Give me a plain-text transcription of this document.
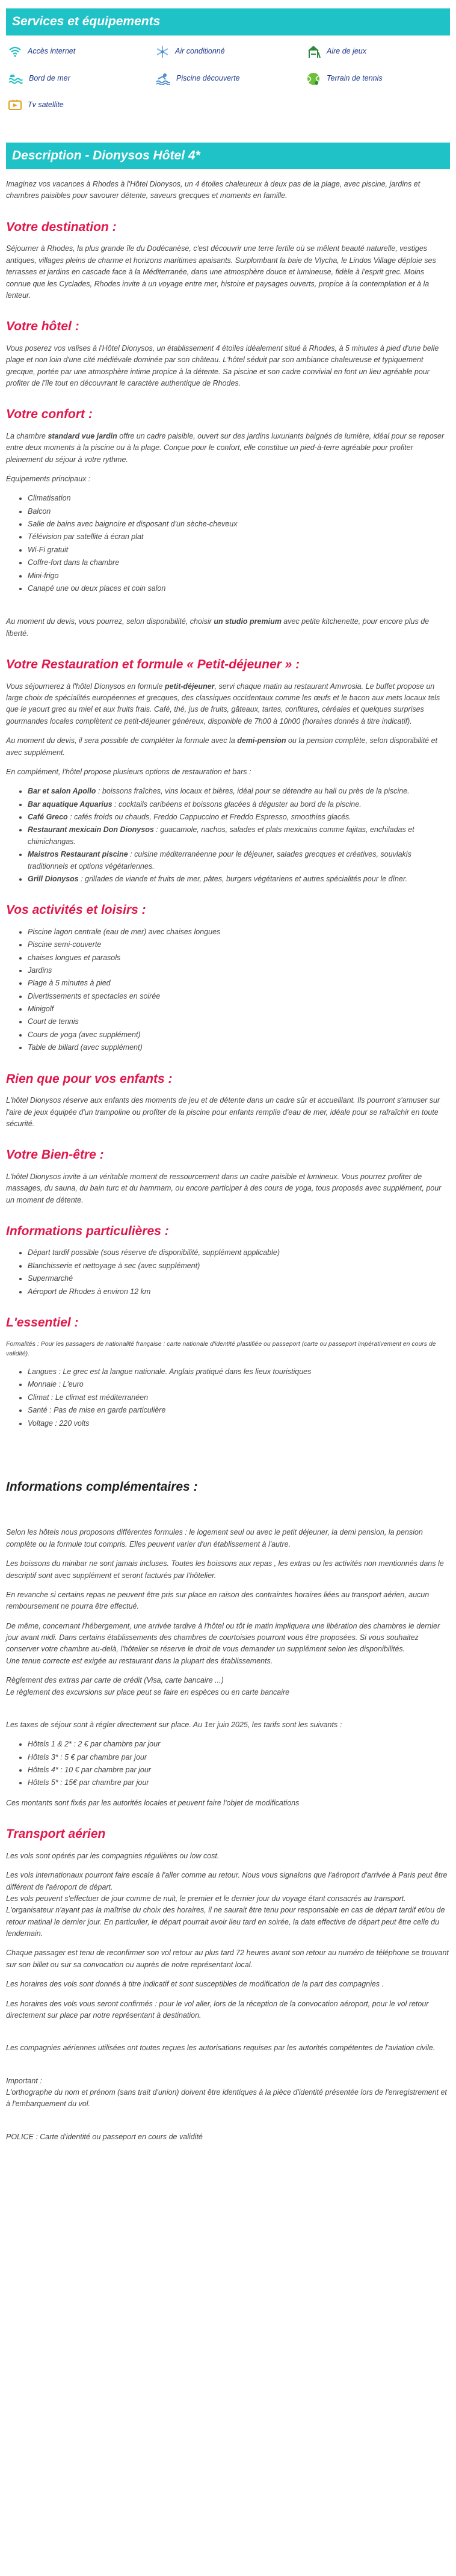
Services et équipements
Accès internet	Air conditionné	Aire de jeux
Bord de mer	Piscine découverte	Terrain de tennis
Tv satellite
Description - Dionysos Hôtel 4*

Imaginez vos vacances à Rhodes à l'Hôtel Dionysos, un 4 étoiles chaleureux à deux pas de la plage, avec piscine, jardins et chambres paisibles pour savourer détente, saveurs grecques et moments en famille.

Votre destination :

Séjourner à Rhodes, la plus grande île du Dodécanèse, c'est découvrir une terre fertile où se mêlent beauté naturelle, vestiges antiques, villages pleins de charme et horizons maritimes apaisants. Surplombant la baie de Vlycha, le Lindos Village déploie ses terrasses et jardins en cascade face à la Méditerranée, dans une atmosphère douce et lumineuse, fidèle à l'esprit grec. Moins connue que les Cyclades, Rhodes invite à un voyage entre mer, histoire et paysages ouverts, propice à la contemplation et à la lenteur.

Votre hôtel :

Vous poserez vos valises à l'Hôtel Dionysos, un établissement 4 étoiles idéalement situé à Rhodes, à 5 minutes à pied d'une belle plage et non loin d'une cité médiévale dominée par son château. L'hôtel séduit par son ambiance chaleureuse et typiquement grecque, portée par une atmosphère intime propice à la détente. Sa piscine et son cadre convivial en font un lieu agréable pour profiter de l'île tout en découvrant le caractère authentique de Rhodes.

Votre confort :

La chambre standard vue jardin offre un cadre paisible, ouvert sur des jardins luxuriants baignés de lumière, idéal pour se reposer entre deux moments à la piscine ou à la plage. Conçue pour le confort, elle constitue un pied-à-terre agréable pour profiter pleinement du séjour à votre rythme.

Équipements principaux :

• Climatisation
• Balcon
• Salle de bains avec baignoire et disposant d'un sèche-cheveux
• Télévision par satellite à écran plat
• Wi-Fi gratuit
• Coffre-fort dans la chambre
• Mini-frigo
• Canapé une ou deux places et coin salon

Au moment du devis, vous pourrez, selon disponibilité, choisir un studio premium avec petite kitchenette, pour encore plus de liberté.

Votre Restauration et formule « Petit-déjeuner » :

Vous séjournerez à l'hôtel Dionysos en formule petit-déjeuner, servi chaque matin au restaurant Amvrosia. Le buffet propose un large choix de spécialités européennes et grecques, des classiques occidentaux comme les œufs et le bacon aux mets locaux tels que le yaourt grec au miel et aux fruits frais. Café, thé, jus de fruits, gâteaux, tartes, confitures, céréales et quelques surprises gourmandes locales complètent ce petit-déjeuner généreux, disponible de 7h00 à 10h00 (horaires donnés à titre indicatif).

Au moment du devis, il sera possible de compléter la formule avec la demi-pension ou la pension complète, selon disponibilité et avec supplément.

En complément, l'hôtel propose plusieurs options de restauration et bars :

• Bar et salon Apollo : boissons fraîches, vins locaux et bières, idéal pour se détendre au hall ou près de la piscine.
• Bar aquatique Aquarius : cocktails caribéens et boissons glacées à déguster au bord de la piscine.
• Café Greco : cafés froids ou chauds, Freddo Cappuccino et Freddo Espresso, smoothies glacés.
• Restaurant mexicain Don Dionysos : guacamole, nachos, salades et plats mexicains comme fajitas, enchiladas et chimichangas.
• Maistros Restaurant piscine : cuisine méditerranéenne pour le déjeuner, salades grecques et créatives, souvlakis traditionnels et options végétariennes.
• Grill Dionysos : grillades de viande et fruits de mer, pâtes, burgers végétariens et autres spécialités pour le dîner.
Vos activités et loisirs :
• Piscine lagon centrale (eau de mer) avec chaises longues
• Piscine semi-couverte
• chaises longues et parasols
• Jardins
• Plage à 5 minutes à pied
• Divertissements et spectacles en soirée
• Minigolf
• Court de tennis
• Cours de yoga (avec supplément)
• Table de billard (avec supplément)
Rien que pour vos enfants :

L'hôtel Dionysos réserve aux enfants des moments de jeu et de détente dans un cadre sûr et accueillant. Ils pourront s'amuser sur l'aire de jeux équipée d'un trampoline ou profiter de la piscine pour enfants remplie d'eau de mer, idéale pour se rafraîchir en toute sécurité.

Votre Bien-être :

L'hôtel Dionysos invite à un véritable moment de ressourcement dans un cadre paisible et lumineux. Vous pourrez profiter de massages, du sauna, du bain turc et du hammam, ou encore participer à des cours de yoga, tous proposés avec supplément, pour un moment de détente.

Informations particulières :
• Départ tardif possible (sous réserve de disponibilité, supplément applicable)
• Blanchisserie et nettoyage à sec (avec supplément)
• Supermarché
• Aéroport de Rhodes à environ 12 km
L'essentiel :

Formalités : Pour les passagers de nationalité française : carte nationale d'identité plastifiée ou passeport (carte ou passeport impérativement en cours de validité).

• Langues : Le grec est la langue nationale. Anglais pratiqué dans les lieux touristiques
• Monnaie : L'euro
• Climat : Le climat est méditerranéen
• Santé : Pas de mise en garde particulière
• Voltage : 220 volts
Informations complémentaires :

Selon les hôtels nous proposons différentes formules : le logement seul ou avec le petit déjeuner, la demi pension, la pension complète ou la formule tout compris. Elles peuvent varier d'un établissement à l'autre.

Les boissons du minibar ne sont jamais incluses. Toutes les boissons aux repas , les extras ou les activités non mentionnés dans le descriptif sont avec supplément et seront facturés par l'hôtelier.

En revanche si certains repas ne peuvent être pris sur place en raison des contraintes horaires liées au transport aérien, aucun remboursement ne pourra être effectué.

De même, concernant l'hébergement, une arrivée tardive à l'hôtel ou tôt le matin impliquera une libération des chambres le dernier jour avant midi. Dans certains établissements des chambres de courtoisies pourront vous être proposées. Si vous souhaitez conserver votre chambre au-delà, l'hôtelier se réserve le droit de vous demander un supplément selon les disponibilités.
Une tenue correcte est exigée au restaurant dans la plupart des établissements.

Règlement des extras par carte de crédit (Visa, carte bancaire ...)
Le règlement des excursions sur place peut se faire en espèces ou en carte bancaire

Les taxes de séjour sont à régler directement sur place. Au 1er juin 2025, les tarifs sont les suivants :

• Hôtels 1 & 2* : 2 € par chambre par jour
• Hôtels 3* : 5 € par chambre par jour
• Hôtels 4* : 10 € par chambre par jour
• Hôtels 5* : 15€ par chambre par jour

Ces montants sont fixés par les autorités locales et peuvent faire l'objet de modifications

Transport aérien

Les vols sont opérés par les compagnies régulières ou low cost.

Les vols internationaux pourront faire escale à l'aller comme au retour. Nous vous signalons que l'aéroport d'arrivée à Paris peut être différent de l'aéroport de départ.
Les vols peuvent s'effectuer de jour comme de nuit, le premier et le dernier jour du voyage étant consacrés au transport. L'organisateur n'ayant pas la maîtrise du choix des horaires, il ne saurait être tenu pour responsable en cas de départ tardif et/ou de retour matinal le dernier jour. En particulier, le départ pourrait avoir lieu tard en soirée, la date effective de départ peut être celle du lendemain.

Chaque passager est tenu de reconfirmer son vol retour au plus tard 72 heures avant son retour au numéro de téléphone se trouvant sur son billet ou sur sa convocation ou auprès de notre représentant local.

Les horaires des vols sont donnés à titre indicatif et sont susceptibles de modification de la part des compagnies .

Les horaires des vols vous seront confirmés : pour le vol aller, lors de la réception de la convocation aéroport, pour le vol retour directement sur place par notre représentant à destination.

Les compagnies aériennes utilisées ont toutes reçues les autorisations requises par les autorités compétentes de l'aviation civile.

Important :
L'orthographe du nom et prénom (sans trait d'union) doivent être identiques à la pièce d'identité présentée lors de l'enregistrement et à l'embarquement du vol.

POLICE : Carte d'identité ou passeport en cours de validité
